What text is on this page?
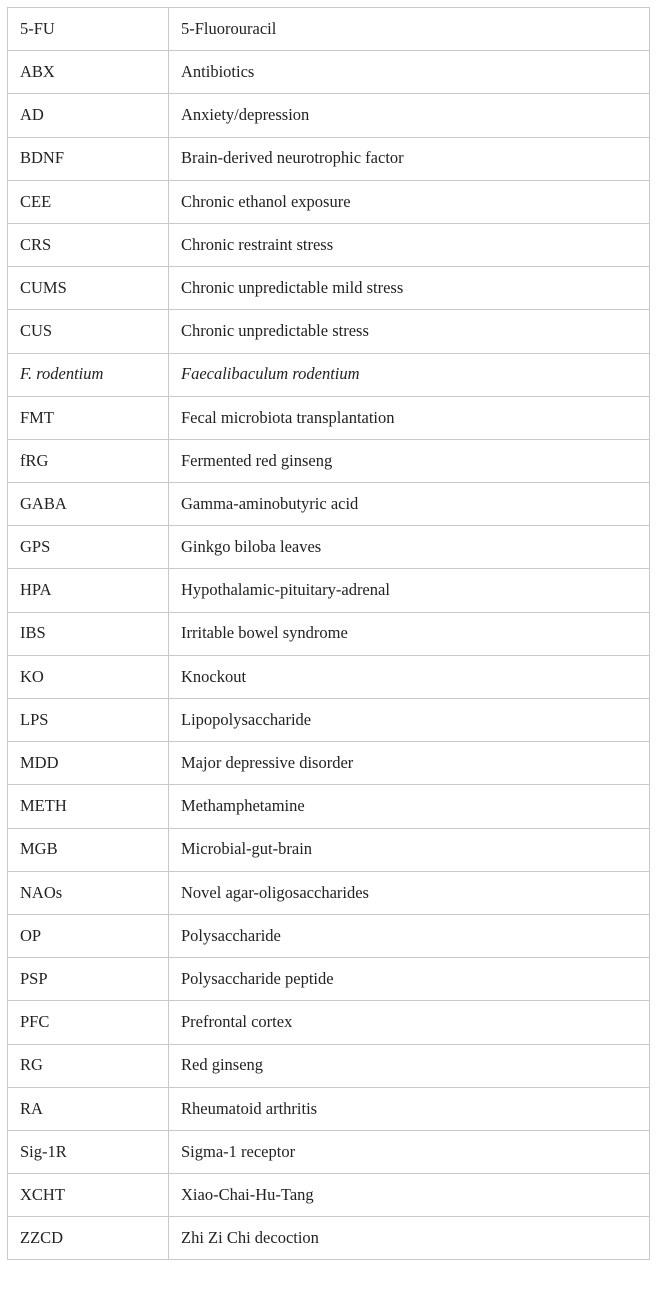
5-FU	5-Fluorouracil
ABX	Antibiotics
AD	Anxiety/depression
BDNF	Brain-derived neurotrophic factor
CEE	Chronic ethanol exposure
CRS	Chronic restraint stress
CUMS	Chronic unpredictable mild stress
CUS	Chronic unpredictable stress
F. rodentium	Faecalibaculum rodentium
FMT	Fecal microbiota transplantation
fRG	Fermented red ginseng
GABA	Gamma-aminobutyric acid
GPS	Ginkgo biloba leaves
HPA	Hypothalamic-pituitary-adrenal
IBS	Irritable bowel syndrome
KO	Knockout
LPS	Lipopolysaccharide
MDD	Major depressive disorder
METH	Methamphetamine
MGB	Microbial-gut-brain
NAOs	Novel agar-oligosaccharides
OP	Polysaccharide
PSP	Polysaccharide peptide
PFC	Prefrontal cortex
RG	Red ginseng
RA	Rheumatoid arthritis
Sig-1R	Sigma-1 receptor
XCHT	Xiao-Chai-Hu-Tang
ZZCD	Zhi Zi Chi decoction
